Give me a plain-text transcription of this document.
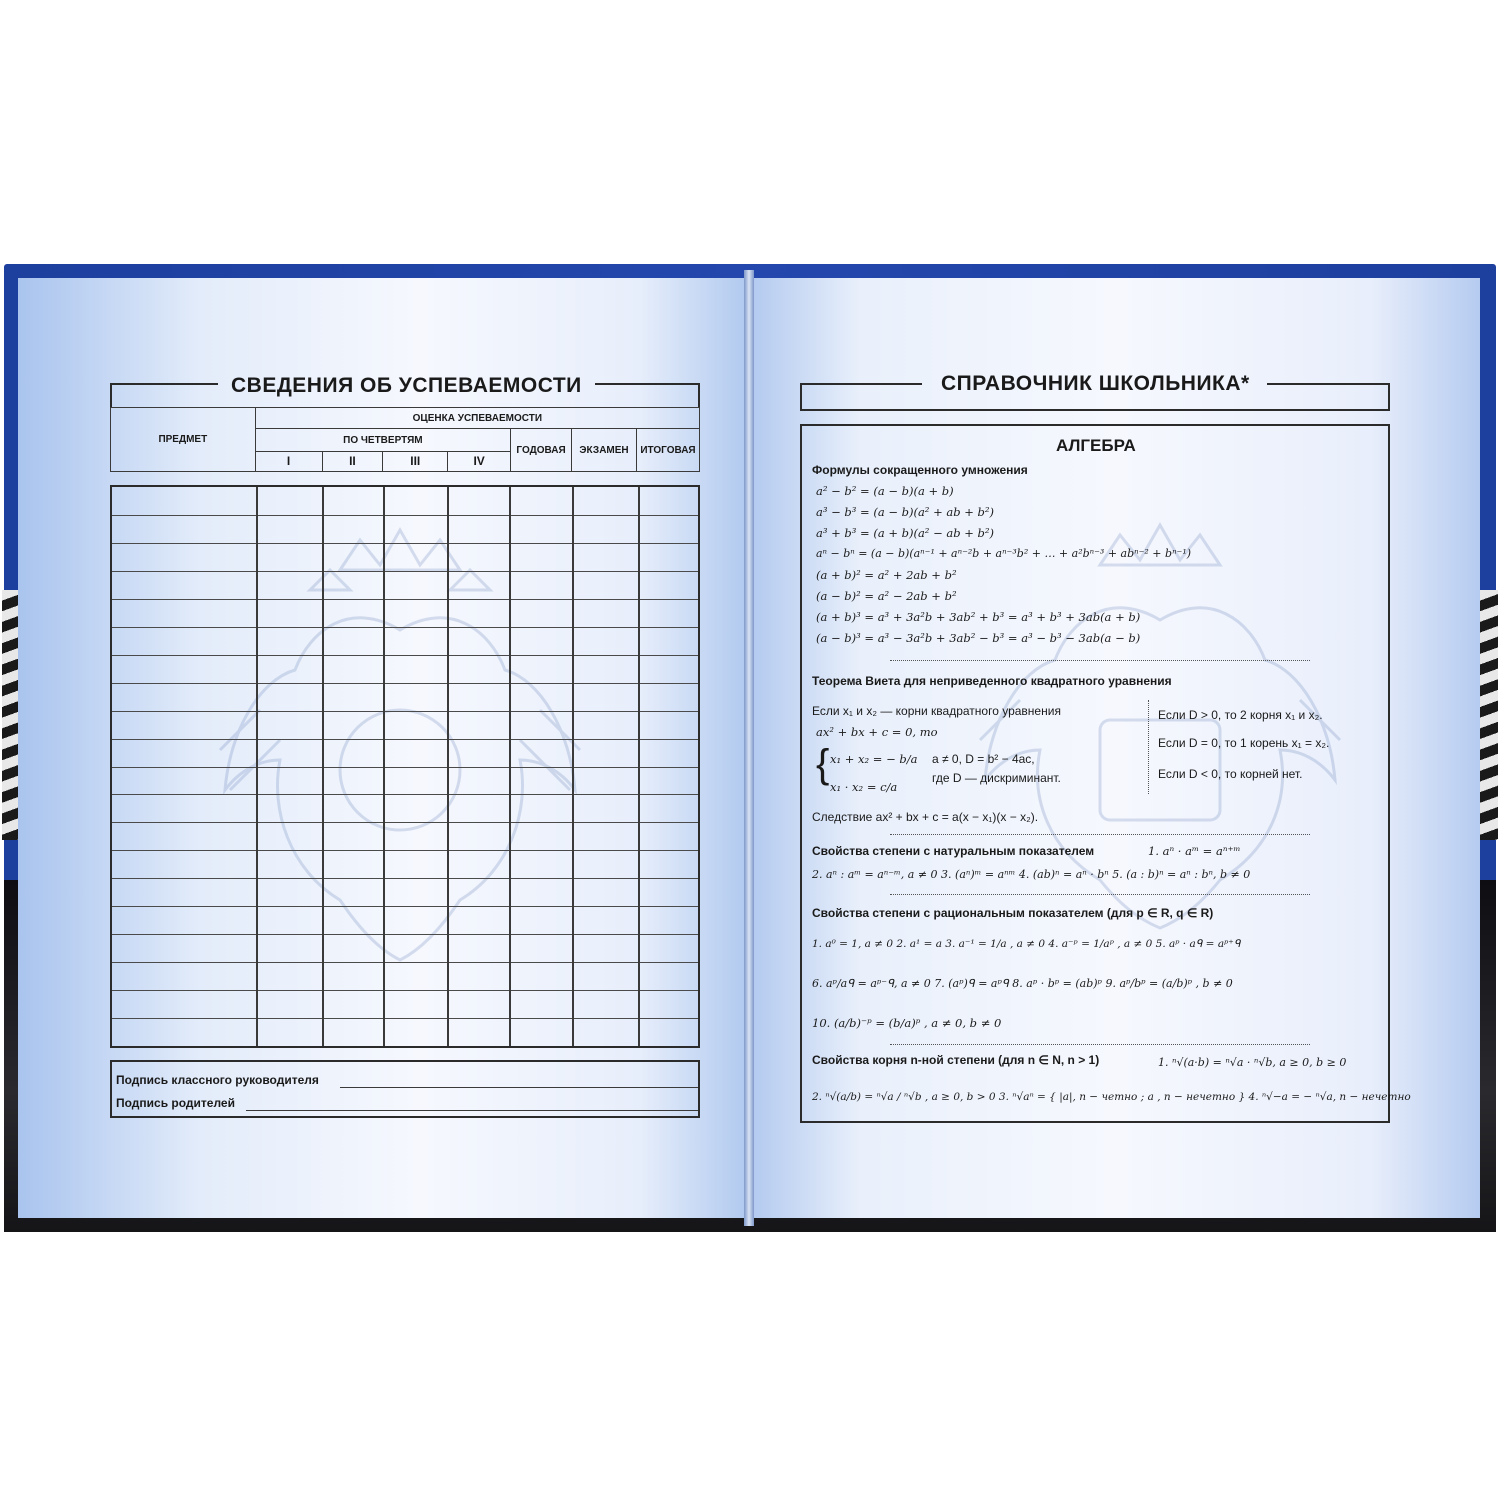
СВЕДЕНИЯ ОБ УСПЕВАЕМОСТИ
ПРЕДМЕТ	ОЦЕНКА УСПЕВАЕМОСТИ						
	ПО ЧЕТВЕРТЯМ				ГОДОВАЯ	ЭКЗАМЕН	ИТОГОВАЯ
	I	II	III	IV			
Подпись классного руководителя
Подпись родителей
СПРАВОЧНИК ШКОЛЬНИКА*
АЛГЕБРА
Формулы сокращенного умножения
a² − b² = (a − b)(a + b)
a³ − b³ = (a − b)(a² + ab + b²)
a³ + b³ = (a + b)(a² − ab + b²)
aⁿ − bⁿ = (a − b)(aⁿ⁻¹ + aⁿ⁻²b + aⁿ⁻³b² + … + a²bⁿ⁻³ + abⁿ⁻² + bⁿ⁻¹)
(a + b)² = a² + 2ab + b²
(a − b)² = a² − 2ab + b²
(a + b)³ = a³ + 3a²b + 3ab² + b³ = a³ + b³ + 3ab(a + b)
(a − b)³ = a³ − 3a²b + 3ab² − b³ = a³ − b³ − 3ab(a − b)
Теорема Виета для неприведенного квадратного уравнения
Если x₁ и x₂ — корни квадратного уравнения
ax² + bx + c = 0, то
{ x₁ + x₂ = − b/a
x₁ · x₂ = c/a
a ≠ 0, D = b² − 4ac,
где D — дискриминант.
Если D > 0, то 2 корня x₁ и x₂.
Если D = 0, то 1 корень x₁ = x₂.
Если D < 0, то корней нет.
Следствие ax² + bx + c = a(x − x₁)(x − x₂).
Свойства степени с натуральным показателем	1. aⁿ · aᵐ = aⁿ⁺ᵐ
2. aⁿ : aᵐ = aⁿ⁻ᵐ, a ≠ 0 3. (aⁿ)ᵐ = aⁿᵐ 4. (ab)ⁿ = aⁿ · bⁿ 5. (a : b)ⁿ = aⁿ : bⁿ, b ≠ 0
Свойства степени с рациональным показателем (для p ∈ R, q ∈ R)
1. a⁰ = 1, a ≠ 0 2. a¹ = a 3. a⁻¹ = 1/a , a ≠ 0 4. a⁻ᵖ = 1/aᵖ , a ≠ 0 5. aᵖ · aᑫ = aᵖ⁺ᑫ
6. aᵖ/aᑫ = aᵖ⁻ᑫ, a ≠ 0 7. (aᵖ)ᑫ = aᵖᑫ 8. aᵖ · bᵖ = (ab)ᵖ 9. aᵖ/bᵖ = (a/b)ᵖ , b ≠ 0
10. (a/b)⁻ᵖ = (b/a)ᵖ , a ≠ 0, b ≠ 0
Свойства корня n-ной степени (для n ∈ N, n > 1)	1. ⁿ√(a·b) = ⁿ√a · ⁿ√b, a ≥ 0, b ≥ 0
2. ⁿ√(a/b) = ⁿ√a / ⁿ√b , a ≥ 0, b > 0 3. ⁿ√aⁿ = { |a|, n − четно ; a , n − нечетно } 4. ⁿ√−a = − ⁿ√a, n − нечетно
